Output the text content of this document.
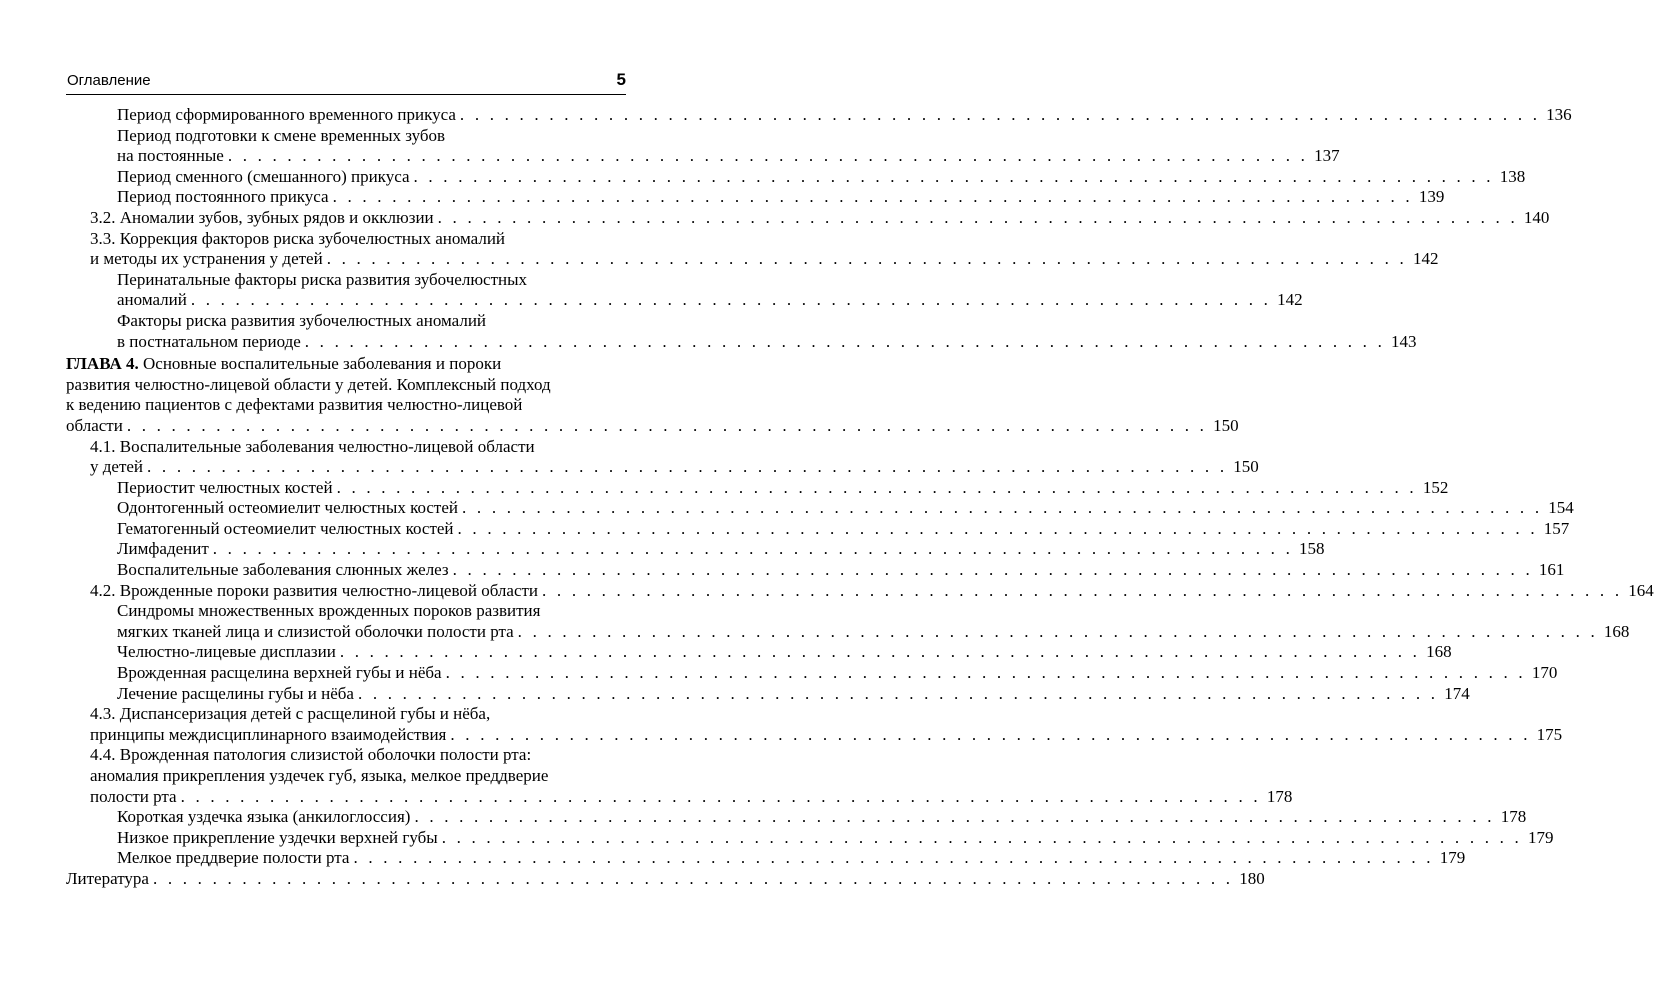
Оглавление	5
Период сформированного временного прикуса . . . . . . . . . . . . . . . . . . . . . . . . . . . . . . . . . . . . . . . . . . . . . . . . . . . . . . . . . . . . . . . . . . . . . . . . . 136
Период подготовки к смене временных зубов
на постоянные . . . . . . . . . . . . . . . . . . . . . . . . . . . . . . . . . . . . . . . . . . . . . . . . . . . . . . . . . . . . . . . . . . . . . . . . . 137
Период сменного (смешанного) прикуса . . . . . . . . . . . . . . . . . . . . . . . . . . . . . . . . . . . . . . . . . . . . . . . . . . . . . . . . . . . . . . . . . . . . . . . . . 138
Период постоянного прикуса . . . . . . . . . . . . . . . . . . . . . . . . . . . . . . . . . . . . . . . . . . . . . . . . . . . . . . . . . . . . . . . . . . . . . . . . . 139
3.2. Аномалии зубов, зубных рядов и окклюзии . . . . . . . . . . . . . . . . . . . . . . . . . . . . . . . . . . . . . . . . . . . . . . . . . . . . . . . . . . . . . . . . . . . . . . . . . 140
3.3. Коррекция факторов риска зубочелюстных аномалий
и методы их устранения у детей . . . . . . . . . . . . . . . . . . . . . . . . . . . . . . . . . . . . . . . . . . . . . . . . . . . . . . . . . . . . . . . . . . . . . . . . . 142
Перинатальные факторы риска развития зубочелюстных
аномалий . . . . . . . . . . . . . . . . . . . . . . . . . . . . . . . . . . . . . . . . . . . . . . . . . . . . . . . . . . . . . . . . . . . . . . . . . 142
Факторы риска развития зубочелюстных аномалий
в постнатальном периоде . . . . . . . . . . . . . . . . . . . . . . . . . . . . . . . . . . . . . . . . . . . . . . . . . . . . . . . . . . . . . . . . . . . . . . . . . 143
ГЛАВА 4. Основные воспалительные заболевания и пороки
развития челюстно-лицевой области у детей. Комплексный подход
к ведению пациентов с дефектами развития челюстно-лицевой
области . . . . . . . . . . . . . . . . . . . . . . . . . . . . . . . . . . . . . . . . . . . . . . . . . . . . . . . . . . . . . . . . . . . . . . . . . 150
4.1. Воспалительные заболевания челюстно-лицевой области
у детей . . . . . . . . . . . . . . . . . . . . . . . . . . . . . . . . . . . . . . . . . . . . . . . . . . . . . . . . . . . . . . . . . . . . . . . . . 150
Периостит челюстных костей . . . . . . . . . . . . . . . . . . . . . . . . . . . . . . . . . . . . . . . . . . . . . . . . . . . . . . . . . . . . . . . . . . . . . . . . . 152
Одонтогенный остеомиелит челюстных костей . . . . . . . . . . . . . . . . . . . . . . . . . . . . . . . . . . . . . . . . . . . . . . . . . . . . . . . . . . . . . . . . . . . . . . . . . 154
Гематогенный остеомиелит челюстных костей . . . . . . . . . . . . . . . . . . . . . . . . . . . . . . . . . . . . . . . . . . . . . . . . . . . . . . . . . . . . . . . . . . . . . . . . . 157
Лимфаденит . . . . . . . . . . . . . . . . . . . . . . . . . . . . . . . . . . . . . . . . . . . . . . . . . . . . . . . . . . . . . . . . . . . . . . . . . 158
Воспалительные заболевания слюнных желез . . . . . . . . . . . . . . . . . . . . . . . . . . . . . . . . . . . . . . . . . . . . . . . . . . . . . . . . . . . . . . . . . . . . . . . . . 161
4.2. Врожденные пороки развития челюстно-лицевой области . . . . . . . . . . . . . . . . . . . . . . . . . . . . . . . . . . . . . . . . . . . . . . . . . . . . . . . . . . . . . . . . . . . . . . . . . 164
Синдромы множественных врожденных пороков развития
мягких тканей лица и слизистой оболочки полости рта . . . . . . . . . . . . . . . . . . . . . . . . . . . . . . . . . . . . . . . . . . . . . . . . . . . . . . . . . . . . . . . . . . . . . . . . . 168
Челюстно-лицевые дисплазии . . . . . . . . . . . . . . . . . . . . . . . . . . . . . . . . . . . . . . . . . . . . . . . . . . . . . . . . . . . . . . . . . . . . . . . . . 168
Врожденная расщелина верхней губы и нёба . . . . . . . . . . . . . . . . . . . . . . . . . . . . . . . . . . . . . . . . . . . . . . . . . . . . . . . . . . . . . . . . . . . . . . . . . 170
Лечение расщелины губы и нёба . . . . . . . . . . . . . . . . . . . . . . . . . . . . . . . . . . . . . . . . . . . . . . . . . . . . . . . . . . . . . . . . . . . . . . . . . 174
4.3. Диспансеризация детей с расщелиной губы и нёба,
принципы междисциплинарного взаимодействия . . . . . . . . . . . . . . . . . . . . . . . . . . . . . . . . . . . . . . . . . . . . . . . . . . . . . . . . . . . . . . . . . . . . . . . . . 175
4.4. Врожденная патология слизистой оболочки полости рта:
аномалия прикрепления уздечек губ, языка, мелкое преддверие
полости рта . . . . . . . . . . . . . . . . . . . . . . . . . . . . . . . . . . . . . . . . . . . . . . . . . . . . . . . . . . . . . . . . . . . . . . . . . 178
Короткая уздечка языка (анкилоглоссия) . . . . . . . . . . . . . . . . . . . . . . . . . . . . . . . . . . . . . . . . . . . . . . . . . . . . . . . . . . . . . . . . . . . . . . . . . 178
Низкое прикрепление уздечки верхней губы . . . . . . . . . . . . . . . . . . . . . . . . . . . . . . . . . . . . . . . . . . . . . . . . . . . . . . . . . . . . . . . . . . . . . . . . . 179
Мелкое преддверие полости рта . . . . . . . . . . . . . . . . . . . . . . . . . . . . . . . . . . . . . . . . . . . . . . . . . . . . . . . . . . . . . . . . . . . . . . . . . 179
Литература . . . . . . . . . . . . . . . . . . . . . . . . . . . . . . . . . . . . . . . . . . . . . . . . . . . . . . . . . . . . . . . . . . . . . . . . . 180
